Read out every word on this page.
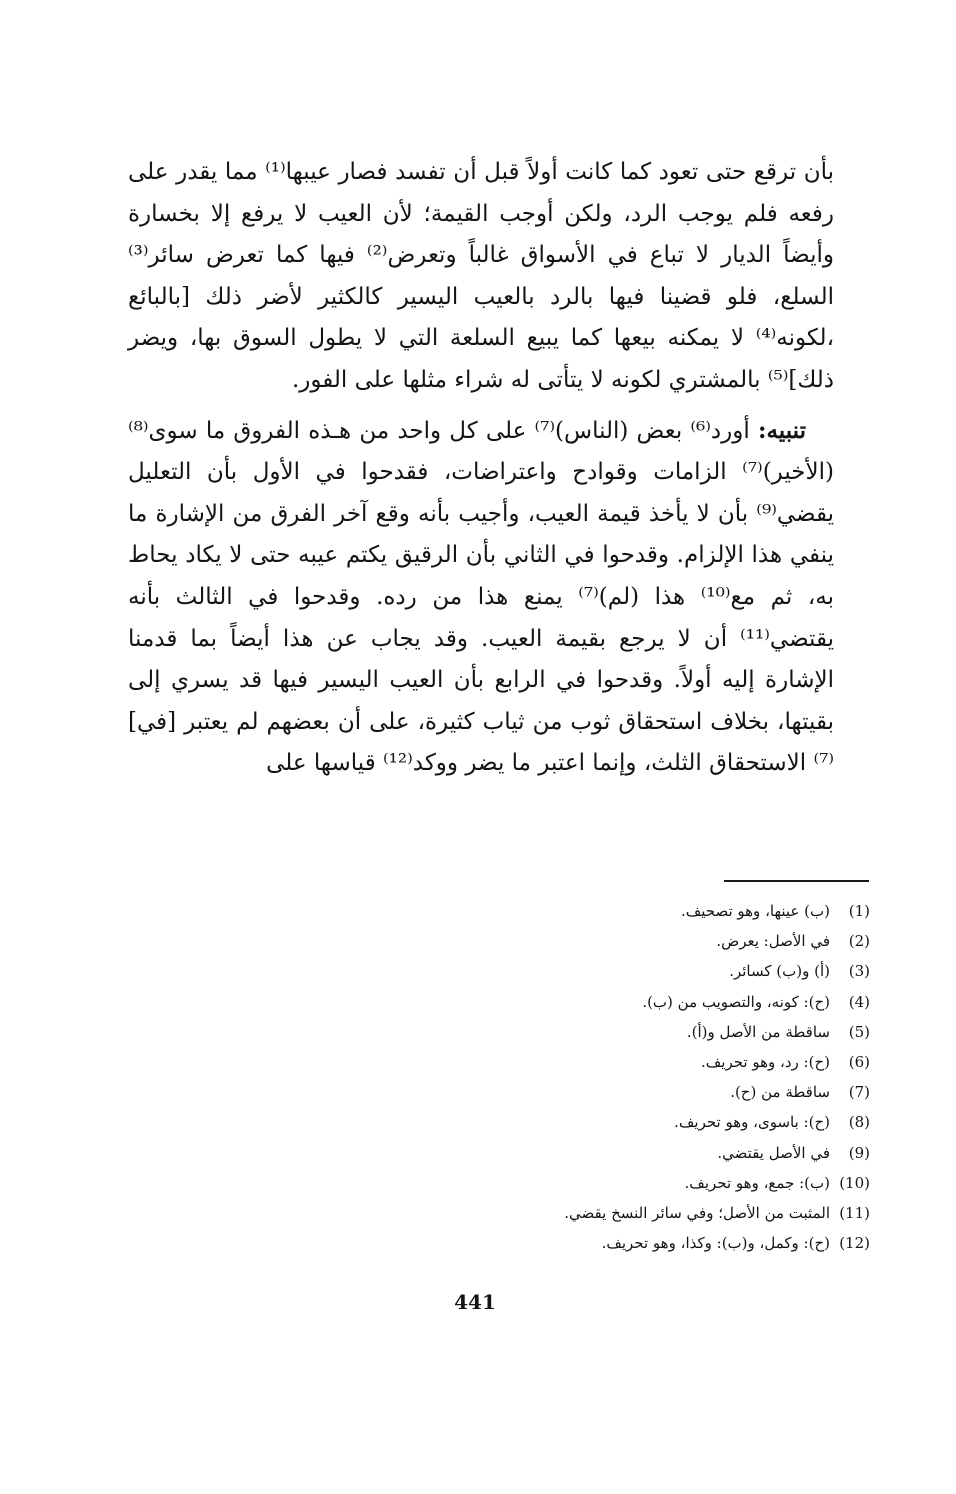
بأن ترقع حتى تعود كما كانت أولاً قبل أن تفسد فصار عيبها⁽¹⁾ مما يقدر على رفعه فلم يوجب الرد، ولكن أوجب القيمة؛ لأن العيب لا يرفع إلا بخسارة وأيضاً الديار لا تباع في الأسواق غالباً وتعرض⁽²⁾ فيها كما تعرض سائر⁽³⁾ السلع، فلو قضينا فيها بالرد بالعيب اليسير كالكثير لأضر ذلك [بالبائع ،لكونه⁽⁴⁾ لا يمكنه بيعها كما يبيع السلعة التي لا يطول السوق بها، ويضر ذلك]⁽⁵⁾ بالمشتري لكونه لا يتأتى له شراء مثلها على الفور.

تنبيه: أورد⁽⁶⁾ بعض (الناس)⁽⁷⁾ على كل واحد من هـذه الفروق ما سوى⁽⁸⁾ (الأخير)⁽⁷⁾ الزامات وقوادح واعتراضات، فقدحوا في الأول بأن التعليل يقضي⁽⁹⁾ بأن لا يأخذ قيمة العيب، وأجيب بأنه وقع آخر الفرق من الإشارة ما ينفي هذا الإلزام. وقدحوا في الثاني بأن الرقيق يكتم عيبه حتى لا يكاد يحاط به، ثم مع⁽¹⁰⁾ هذا (لم)⁽⁷⁾ يمنع هذا من رده. وقدحوا في الثالث بأنه يقتضي⁽¹¹⁾ أن لا يرجع بقيمة العيب. وقد يجاب عن هذا أيضاً بما قدمنا الإشارة إليه أولاً. وقدحوا في الرابع بأن العيب اليسير فيها قد يسري إلى بقيتها، بخلاف استحقاق ثوب من ثياب كثيرة، على أن بعضهم لم يعتبر [في]⁽⁷⁾ الاستحقاق الثلث، وإنما اعتبر ما يضر ووكد⁽¹²⁾ قياسها على

(1)
(ب) عينها، وهو تصحيف.
(2)
في الأصل: يعرض.
(3)
(أ) و(ب) كسائر.
(4)
(ح): كونه، والتصويب من (ب).
(5)
ساقطة من الأصل و(أ).
(6)
(ح): رد، وهو تحريف.
(7)
ساقطة من (ح).
(8)
(ح): باسوى، وهو تحريف.
(9)
في الأصل يقتضي.
(10)
(ب): جمع، وهو تحريف.
(11)
المثبت من الأصل؛ وفي سائر النسخ يقضي.
(12)
(ح): وكمل، و(ب): وكذا، وهو تحريف.
441
